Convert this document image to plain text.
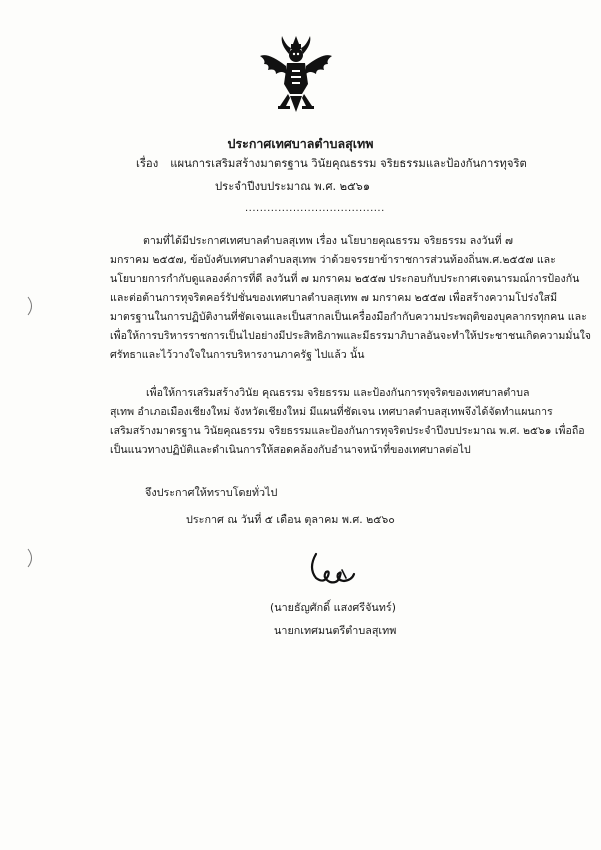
ประกาศเทศบาลตำบลสุเทพ
เรื่อง แผนการเสริมสร้างมาตรฐาน วินัยคุณธรรม จริยธรรมและป้องกันการทุจริต
ประจำปีงบประมาณ พ.ศ. ๒๕๖๑
......................................
ตามที่ได้มีประกาศเทศบาลตำบลสุเทพ เรื่อง นโยบายคุณธรรม จริยธรรม ลงวันที่ ๗
มกราคม ๒๕๕๗, ข้อบังคับเทศบาลตำบลสุเทพ ว่าด้วยจรรยาข้าราชการส่วนท้องถิ่นพ.ศ.๒๕๕๗ และ
นโยบายการกำกับดูแลองค์การที่ดี ลงวันที่ ๗ มกราคม ๒๕๕๗ ประกอบกับประกาศเจตนารมณ์การป้องกัน
และต่อต้านการทุจริตคอร์รัปชั่นของเทศบาลตำบลสุเทพ ๗ มกราคม ๒๕๕๗ เพื่อสร้างความโปร่งใสมี
มาตรฐานในการปฏิบัติงานที่ชัดเจนและเป็นสากลเป็นเครื่องมือกำกับความประพฤติของบุคลากรทุกคน และ
เพื่อให้การบริหารราชการเป็นไปอย่างมีประสิทธิภาพและมีธรรมาภิบาลอันจะทำให้ประชาชนเกิดความมั่นใจ
ศรัทธาและไว้วางใจในการบริหารงานภาครัฐ ไปแล้ว นั้น
เพื่อให้การเสริมสร้างวินัย คุณธรรม จริยธรรม และป้องกันการทุจริตของเทศบาลตำบล
สุเทพ อำเภอเมืองเชียงใหม่ จังหวัดเชียงใหม่ มีแผนที่ชัดเจน เทศบาลตำบลสุเทพจึงได้จัดทำแผนการ
เสริมสร้างมาตรฐาน วินัยคุณธรรม จริยธรรมและป้องกันการทุจริตประจำปีงบประมาณ พ.ศ. ๒๕๖๑ เพื่อถือ
เป็นแนวทางปฏิบัติและดำเนินการให้สอดคล้องกับอำนาจหน้าที่ของเทศบาลต่อไป
จึงประกาศให้ทราบโดยทั่วไป
ประกาศ ณ วันที่ ๕ เดือน ตุลาคม พ.ศ. ๒๕๖๐
(นายธัญศักดิ์ แสงศรีจันทร์)
นายกเทศมนตรีตำบลสุเทพ
